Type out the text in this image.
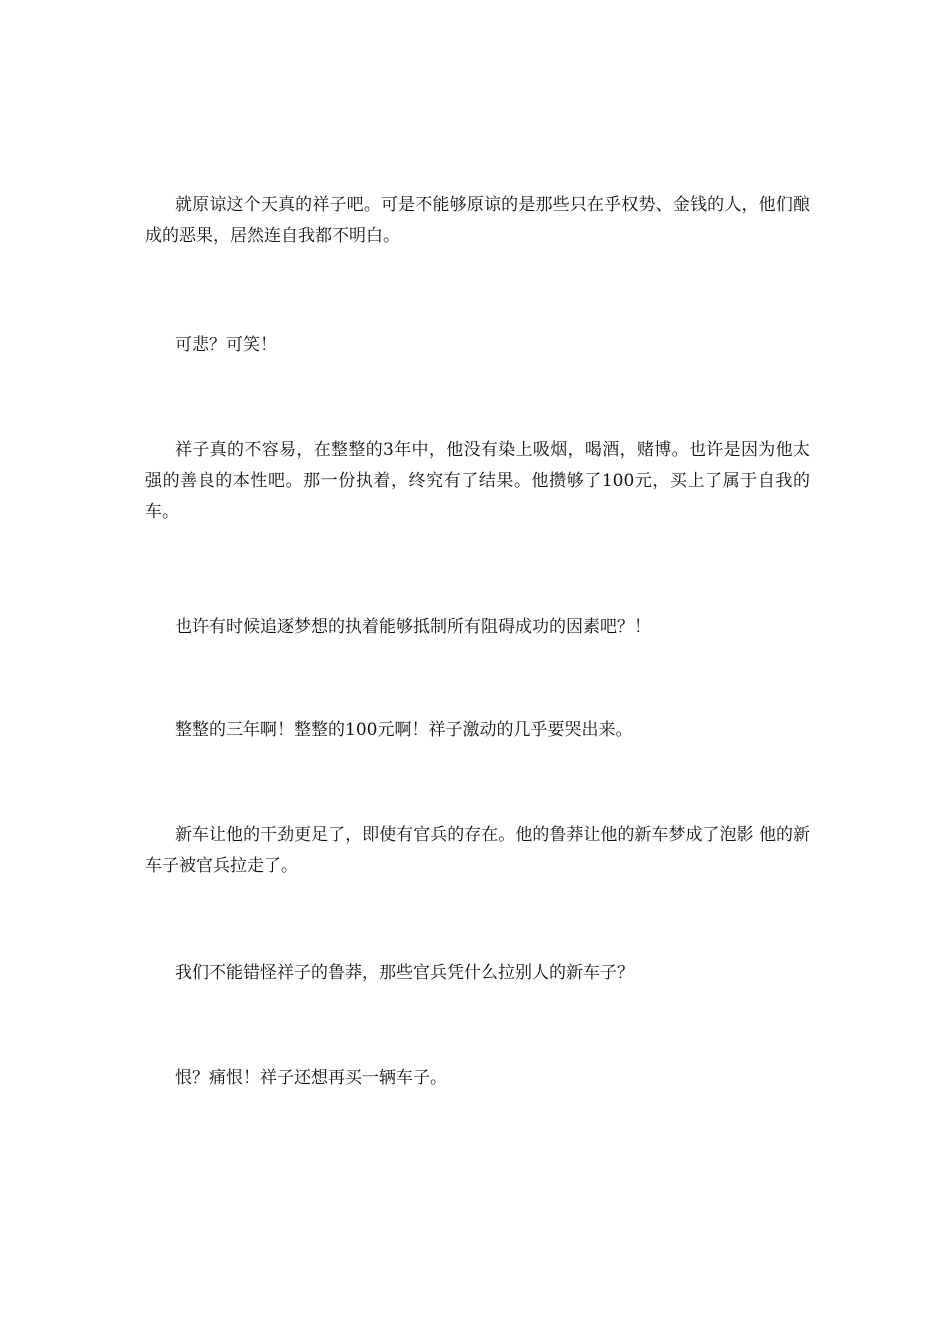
就原谅这个天真的祥子吧。可是不能够原谅的是那些只在乎权势、金钱的人，他们酿成的恶果，居然连自我都不明白。

可悲？可笑！

祥子真的不容易，在整整的3年中，他没有染上吸烟，喝酒，赌博。也许是因为他太强的善良的本性吧。那一份执着，终究有了结果。他攒够了100元，买上了属于自我的车。

也许有时候追逐梦想的执着能够抵制所有阻碍成功的因素吧？！

整整的三年啊！整整的100元啊！祥子激动的几乎要哭出来。

新车让他的干劲更足了，即使有官兵的存在。他的鲁莽让他的新车梦成了泡影 他的新车子被官兵拉走了。

我们不能错怪祥子的鲁莽，那些官兵凭什么拉别人的新车子？

恨？痛恨！祥子还想再买一辆车子。
